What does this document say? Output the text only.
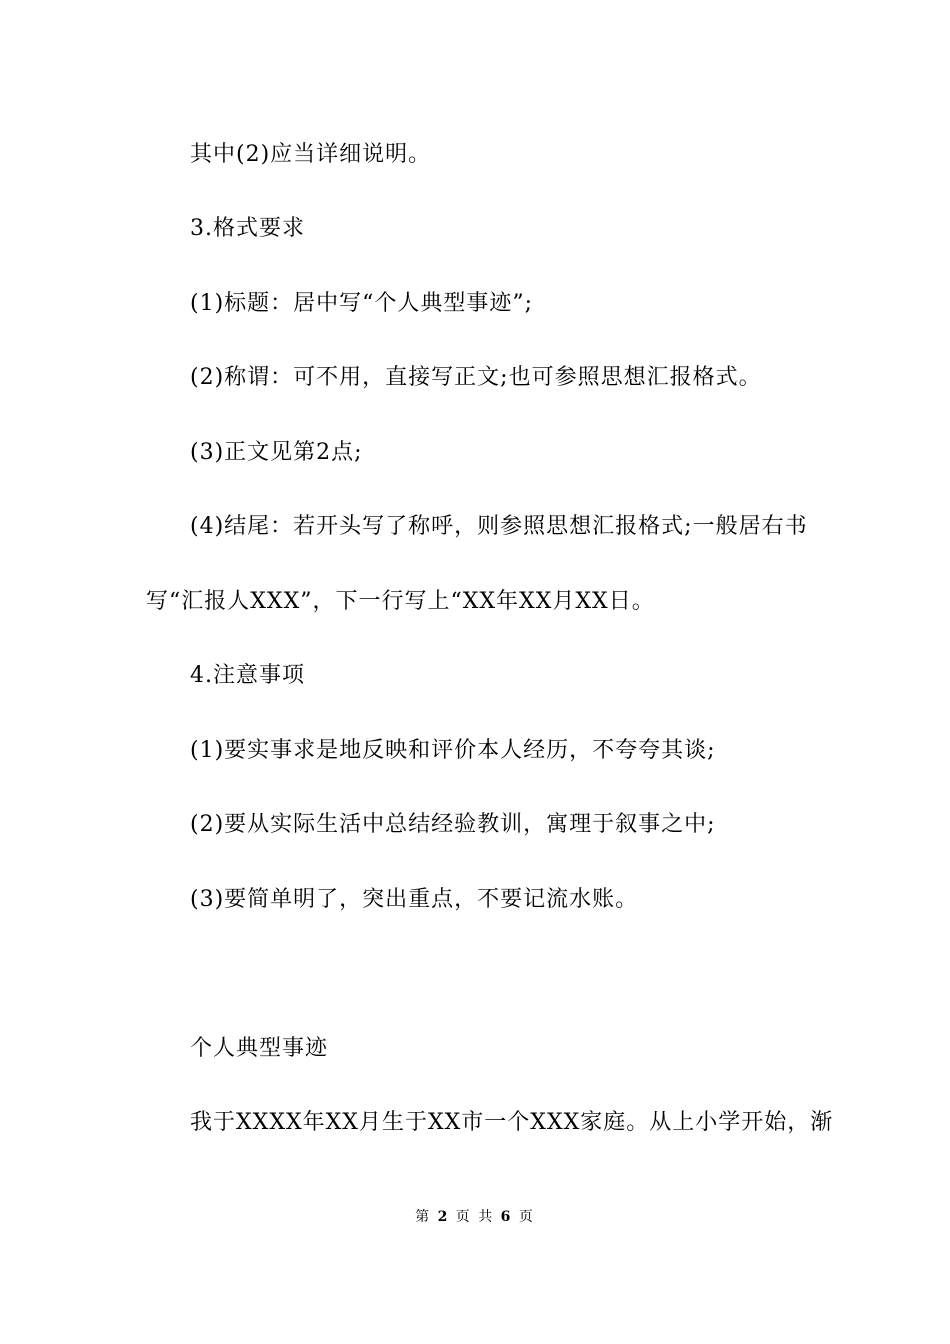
其中(2)应当详细说明。
3.格式要求
(1)标题：居中写“个人典型事迹”;
(2)称谓：可不用，直接写正文;也可参照思想汇报格式。
(3)正文见第2点;
(4)结尾：若开头写了称呼，则参照思想汇报格式;一般居右书
写“汇报人XXX”，下一行写上“XX年XX月XX日。
4.注意事项
(1)要实事求是地反映和评价本人经历，不夸夸其谈;
(2)要从实际生活中总结经验教训，寓理于叙事之中;
(3)要简单明了，突出重点，不要记流水账。
个人典型事迹
我于XXXX年XX月生于XX市一个XXX家庭。从上小学开始，渐
第 2 页 共 6 页
